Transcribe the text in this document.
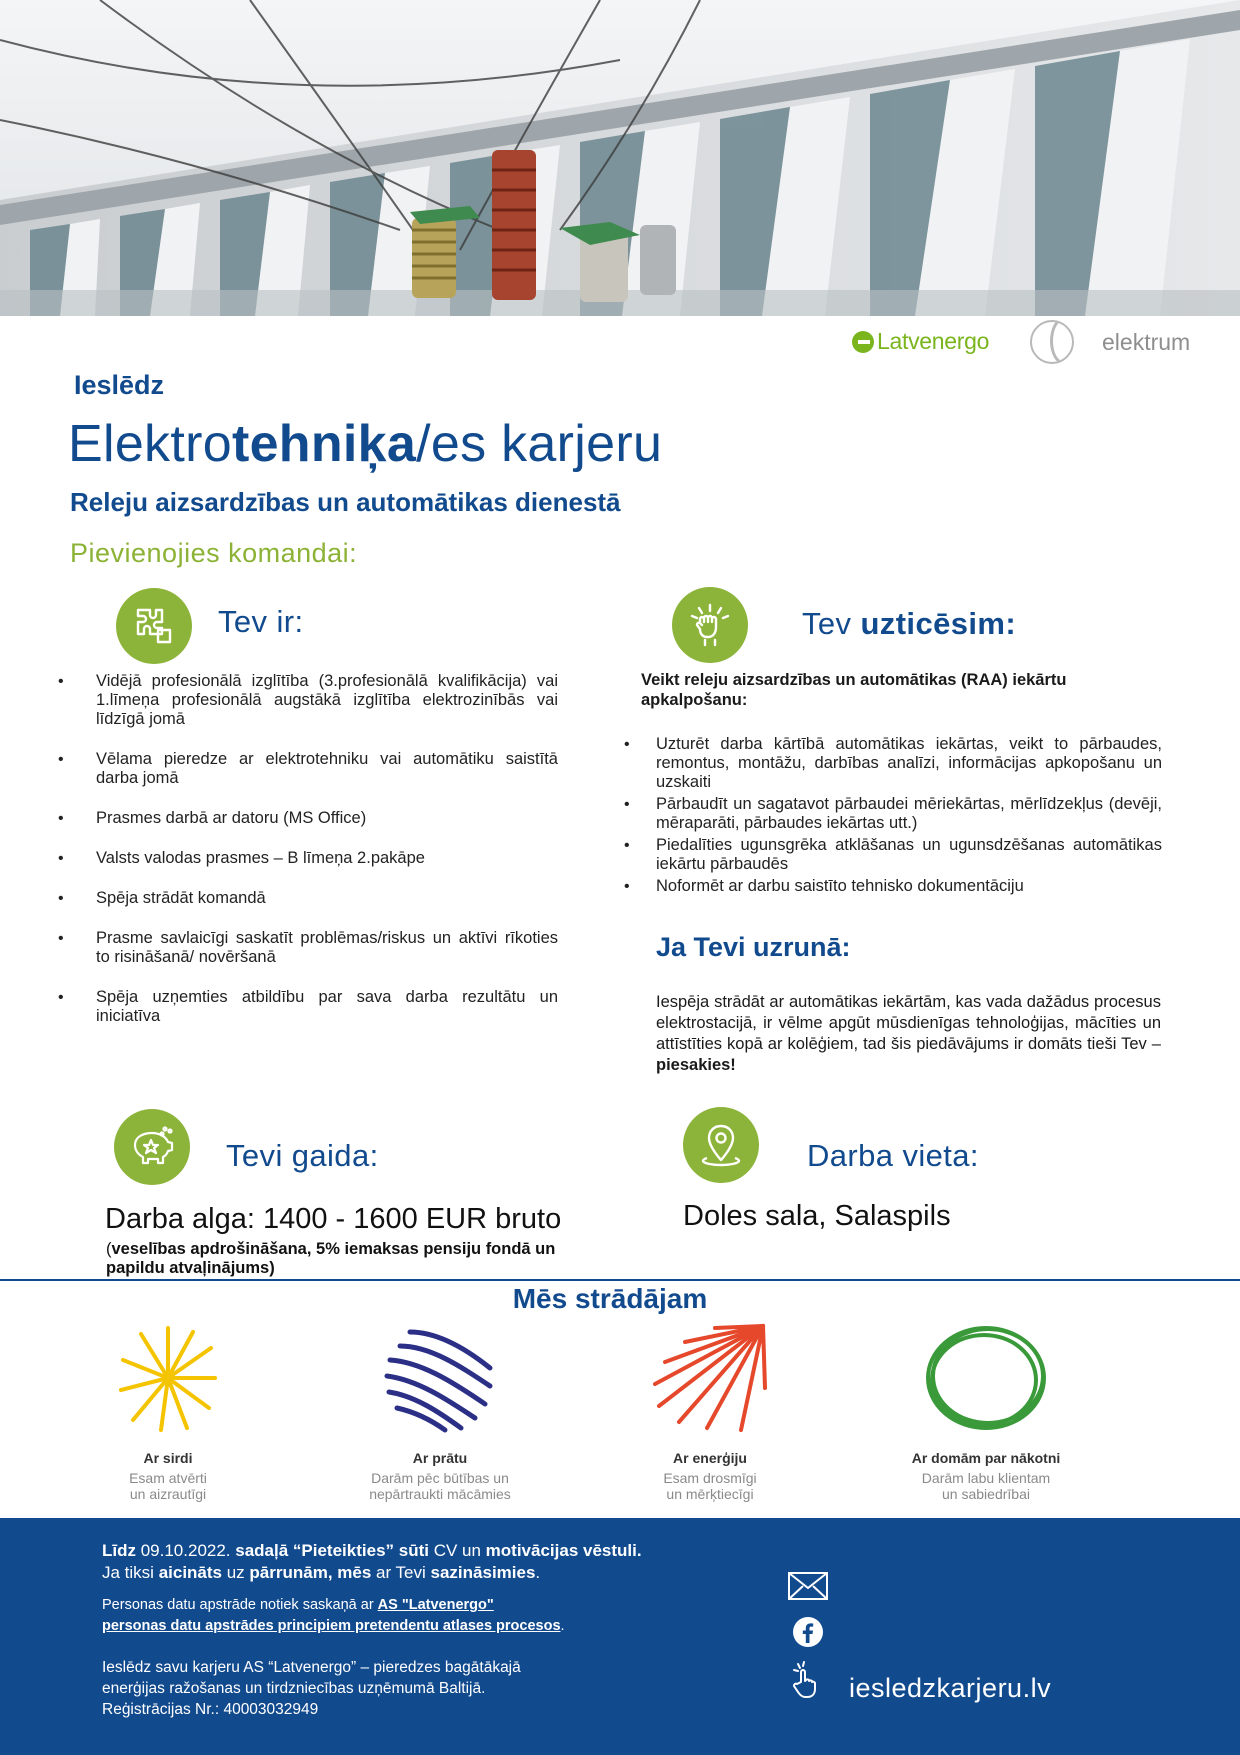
Latvenergo	elektrum
Ieslēdz
Elektrotehniķa/es karjeru
Releju aizsardzības un automātikas dienestā
Pievienojies komandai:
Tev ir:
• Vidējā profesionālā izglītība (3.profesionālā kvalifikācija) vai 1.līmeņa profesionālā augstākā izglītība elektrozinībās vai līdzīgā jomā
• Vēlama pieredze ar elektrotehniku vai automātiku saistītā darba jomā
• Prasmes darbā ar datoru (MS Office)
• Valsts valodas prasmes – B līmeņa 2.pakāpe
• Spēja strādāt komandā
• Prasme savlaicīgi saskatīt problēmas/riskus un aktīvi rīkoties to risināšanā/ novēršanā
• Spēja uzņemties atbildību par sava darba rezultātu un iniciatīva
Tev uzticēsim:
Veikt releju aizsardzības un automātikas (RAA) iekārtu apkalpošanu:
• Uzturēt darba kārtībā automātikas iekārtas, veikt to pārbaudes, remontus, montāžu, darbības analīzi, informācijas apkopošanu un uzskaiti
• Pārbaudīt un sagatavot pārbaudei mēriekārtas, mērlīdzekļus (devēji, mēraparāti, pārbaudes iekārtas utt.)
• Piedalīties ugunsgrēka atklāšanas un ugunsdzēšanas automātikas iekārtu pārbaudēs
• Noformēt ar darbu saistīto tehnisko dokumentāciju
Ja Tevi uzrunā:
Iespēja strādāt ar automātikas iekārtām, kas vada dažādus procesus elektrostacijā, ir vēlme apgūt mūsdienīgas tehnoloģijas, mācīties un attīstīties kopā ar kolēģiem, tad šis piedāvājums ir domāts tieši Tev – piesakies!
Tevi gaida:
Darba alga: 1400 - 1600 EUR bruto
(veselības apdrošināšana, 5% iemaksas pensiju fondā un papildu atvaļinājums)
Darba vieta:
Doles sala, Salaspils
Mēs strādājam
Ar sirdi
Esam atvērti
un aizrautīgi
Ar prātu
Darām pēc būtības un
nepārtraukti mācāmies
Ar enerģiju
Esam drosmīgi
un mērķtiecīgi
Ar domām par nākotni
Darām labu klientam
un sabiedrībai
Līdz 09.10.2022. sadaļā “Pieteikties” sūti CV un motivācijas vēstuli.
Ja tiksi aicināts uz pārrunām, mēs ar Tevi sazināsimies.
Personas datu apstrāde notiek saskaņā ar AS "Latvenergo"
personas datu apstrādes principiem pretendentu atlases procesos.
Ieslēdz savu karjeru AS “Latvenergo” – pieredzes bagātākajā
enerģijas ražošanas un tirdzniecības uzņēmumā Baltijā.
Reģistrācijas Nr.: 40003032949
iesledzkarjeru.lv
